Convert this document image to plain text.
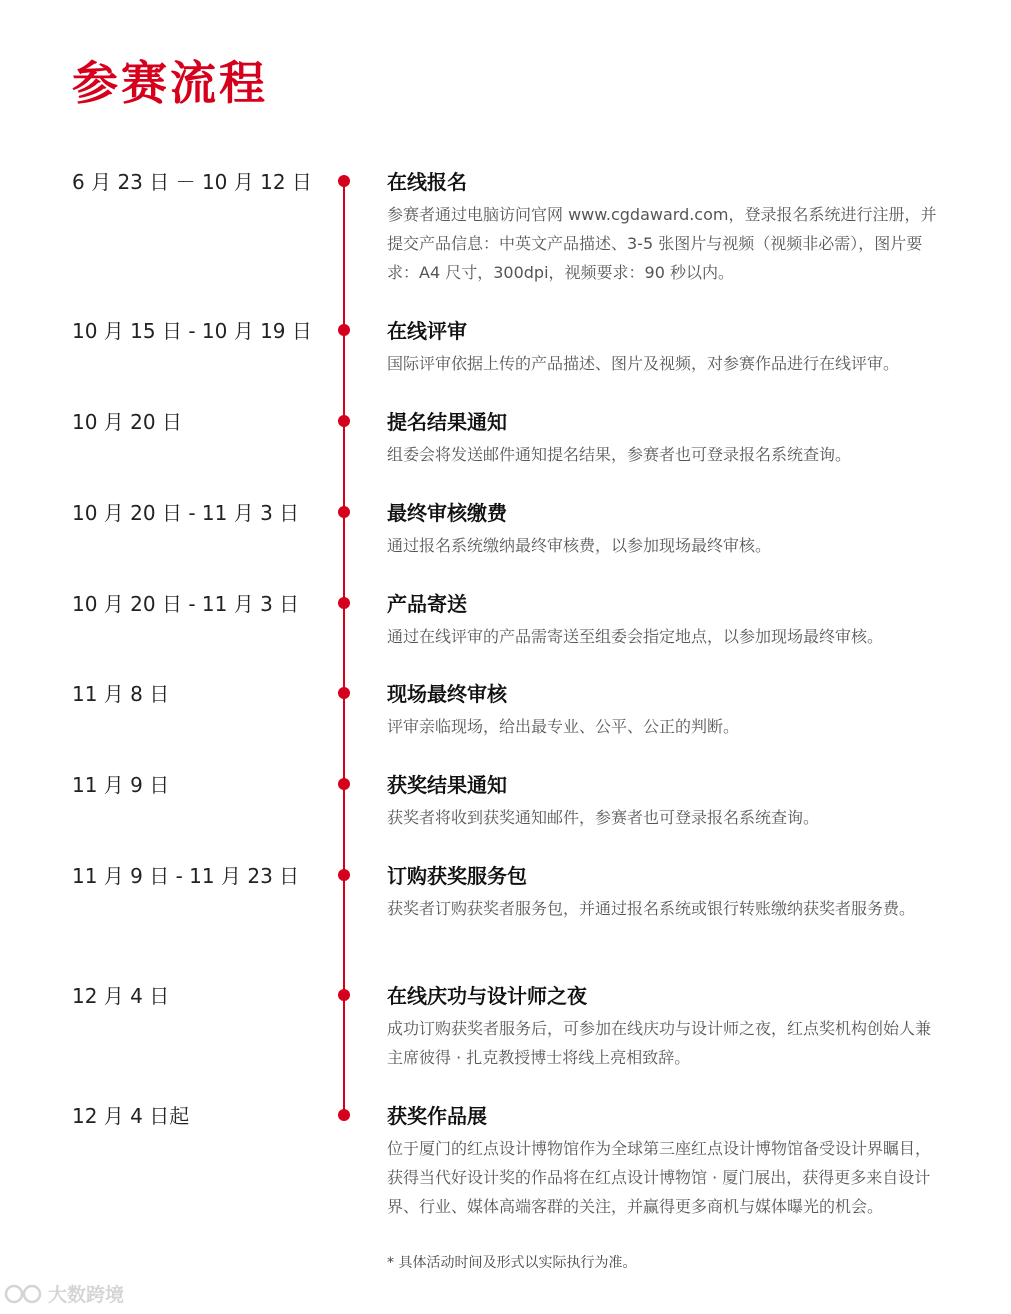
参赛流程
6 月 23 日 － 10 月 12 日	在线报名
参赛者通过电脑访问官网 www.cgdaward.com，登录报名系统进行注册，并提交产品信息：中英文产品描述、3-5 张图片与视频（视频非必需），图片要求：A4 尺寸，300dpi，视频要求：90 秒以内。
10 月 15 日 - 10 月 19 日	在线评审
国际评审依据上传的产品描述、图片及视频，对参赛作品进行在线评审。
10 月 20 日	提名结果通知
组委会将发送邮件通知提名结果，参赛者也可登录报名系统查询。
10 月 20 日 - 11 月 3 日	最终审核缴费
通过报名系统缴纳最终审核费，以参加现场最终审核。
10 月 20 日 - 11 月 3 日	产品寄送
通过在线评审的产品需寄送至组委会指定地点，以参加现场最终审核。
11 月 8 日	现场最终审核
评审亲临现场，给出最专业、公平、公正的判断。
11 月 9 日	获奖结果通知
获奖者将收到获奖通知邮件，参赛者也可登录报名系统查询。
11 月 9 日 - 11 月 23 日	订购获奖服务包
获奖者订购获奖者服务包，并通过报名系统或银行转账缴纳获奖者服务费。
12 月 4 日	在线庆功与设计师之夜
成功订购获奖者服务后，可参加在线庆功与设计师之夜，红点奖机构创始人兼主席彼得 · 扎克教授博士将线上亮相致辞。
12 月 4 日起	获奖作品展
位于厦门的红点设计博物馆作为全球第三座红点设计博物馆备受设计界瞩目，获得当代好设计奖的作品将在红点设计博物馆 · 厦门展出，获得更多来自设计界、行业、媒体高端客群的关注，并赢得更多商机与媒体曝光的机会。
* 具体活动时间及形式以实际执行为准。
大数跨境
